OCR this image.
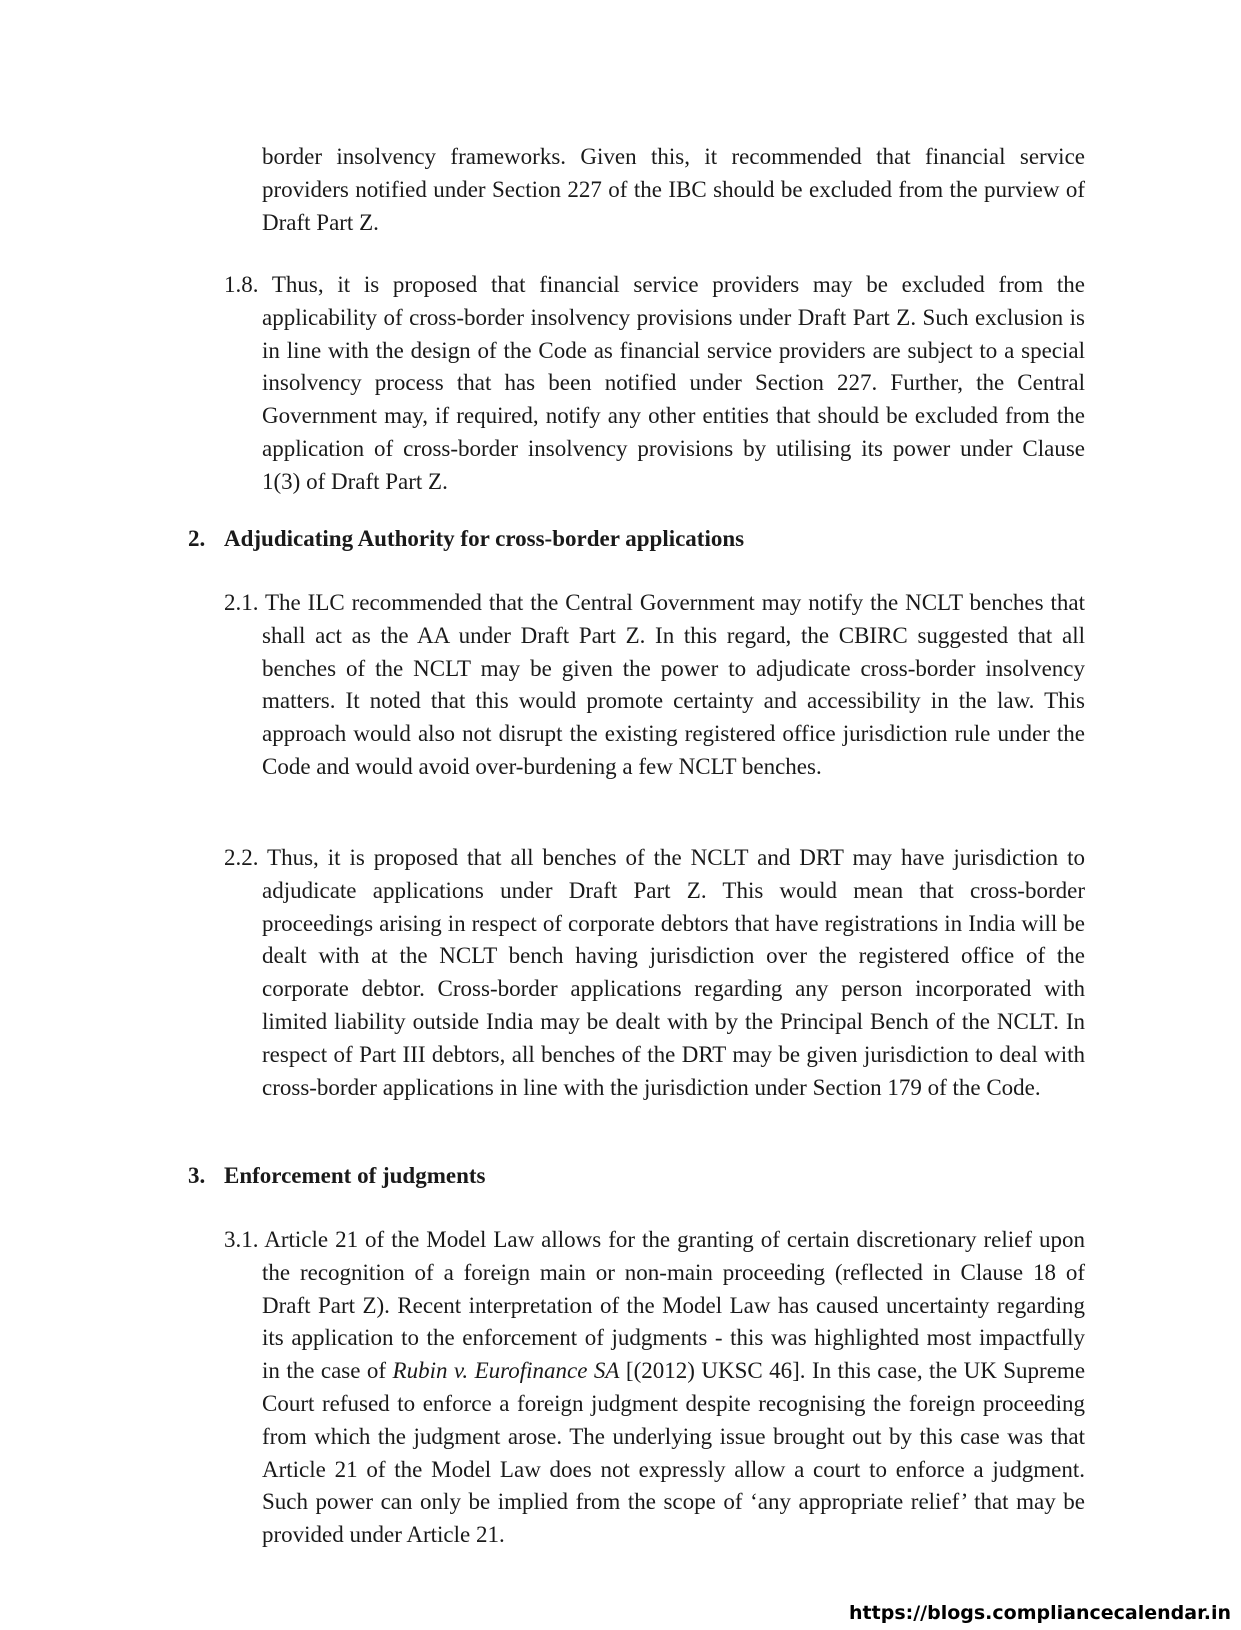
border insolvency frameworks. Given this, it recommended that financial service providers notified under Section 227 of the IBC should be excluded from the purview of Draft Part Z.

1.8. Thus, it is proposed that financial service providers may be excluded from the applicability of cross-border insolvency provisions under Draft Part Z. Such exclusion is in line with the design of the Code as financial service providers are subject to a special insolvency process that has been notified under Section 227. Further, the Central Government may, if required, notify any other entities that should be excluded from the application of cross-border insolvency provisions by utilising its power under Clause 1(3) of Draft Part Z.

2. Adjudicating Authority for cross-border applications

2.1. The ILC recommended that the Central Government may notify the NCLT benches that shall act as the AA under Draft Part Z. In this regard, the CBIRC suggested that all benches of the NCLT may be given the power to adjudicate cross-border insolvency matters. It noted that this would promote certainty and accessibility in the law. This approach would also not disrupt the existing registered office jurisdiction rule under the Code and would avoid over-burdening a few NCLT benches.

2.2. Thus, it is proposed that all benches of the NCLT and DRT may have jurisdiction to adjudicate applications under Draft Part Z. This would mean that cross-border proceedings arising in respect of corporate debtors that have registrations in India will be dealt with at the NCLT bench having jurisdiction over the registered office of the corporate debtor. Cross-border applications regarding any person incorporated with limited liability outside India may be dealt with by the Principal Bench of the NCLT. In respect of Part III debtors, all benches of the DRT may be given jurisdiction to deal with cross-border applications in line with the jurisdiction under Section 179 of the Code.

3. Enforcement of judgments

3.1. Article 21 of the Model Law allows for the granting of certain discretionary relief upon the recognition of a foreign main or non-main proceeding (reflected in Clause 18 of Draft Part Z). Recent interpretation of the Model Law has caused uncertainty regarding its application to the enforcement of judgments - this was highlighted most impactfully in the case of Rubin v. Eurofinance SA [(2012) UKSC 46]. In this case, the UK Supreme Court refused to enforce a foreign judgment despite recognising the foreign proceeding from which the judgment arose. The underlying issue brought out by this case was that Article 21 of the Model Law does not expressly allow a court to enforce a judgment. Such power can only be implied from the scope of ‘any appropriate relief’ that may be provided under Article 21.

https://blogs.compliancecalendar.in
